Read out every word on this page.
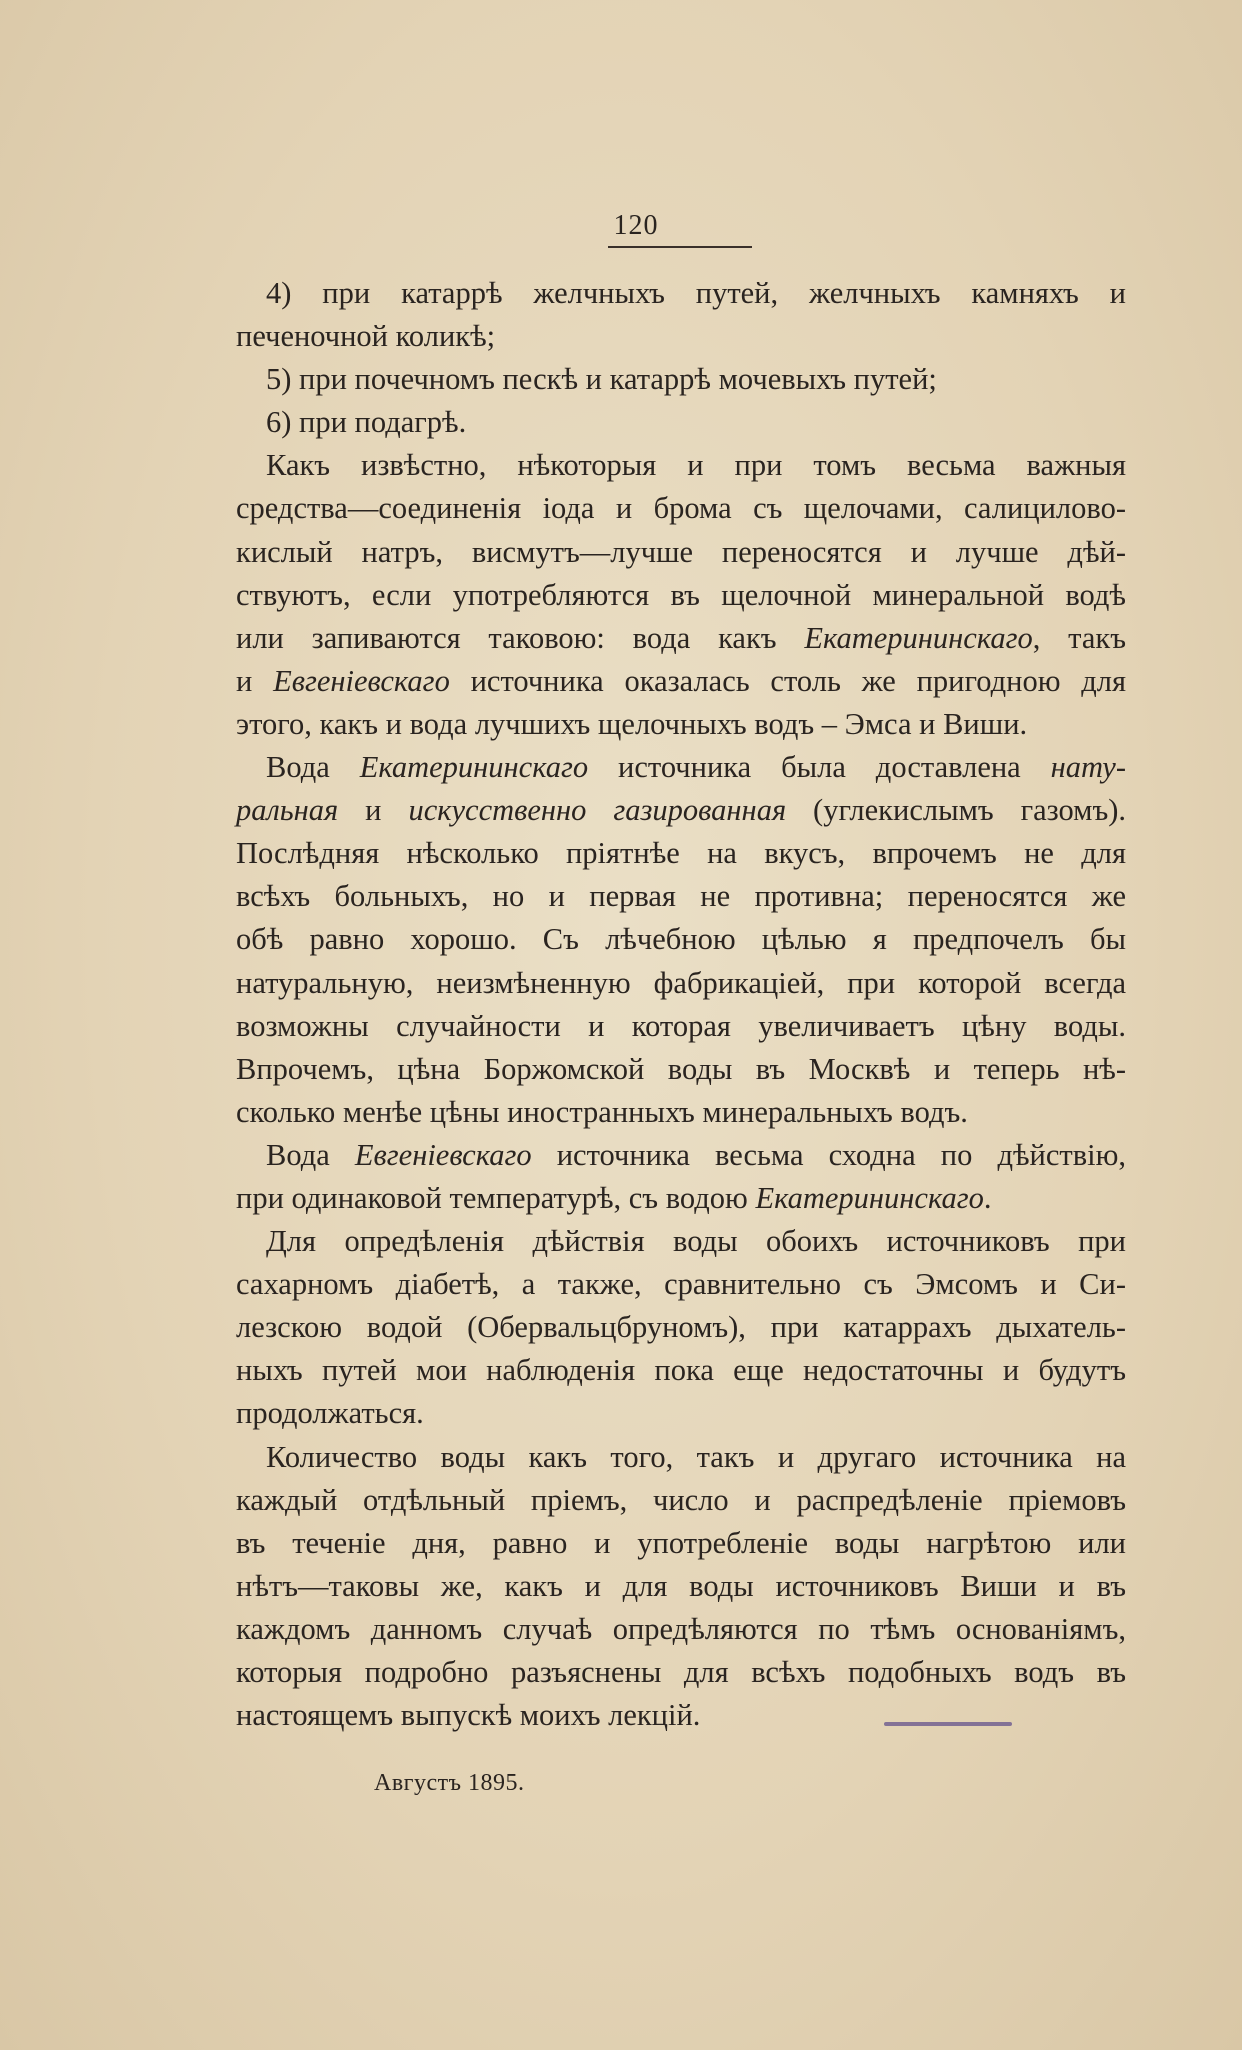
120
4) при катаррѣ желчныхъ путей, желчныхъ камняхъ и
печеночной коликѣ;
5) при почечномъ пескѣ и катаррѣ мочевыхъ путей;
6) при подагрѣ.
Какъ извѣстно, нѣкоторыя и при томъ весьма важныя
средства—соединенія іода и брома съ щелочами, салицилово-
кислый натръ, висмутъ—лучше переносятся и лучше дѣй-
ствуютъ, если употребляются въ щелочной минеральной водѣ
или запиваются таковою: вода какъ Екатерининскаго, такъ
и Евгеніевскаго источника оказалась столь же пригодною для
этого, какъ и вода лучшихъ щелочныхъ водъ – Эмса и Виши.
Вода Екатерининскаго источника была доставлена нату-
ральная и искусственно газированная (углекислымъ газомъ).
Послѣдняя нѣсколько пріятнѣе на вкусъ, впрочемъ не для
всѣхъ больныхъ, но и первая не противна; переносятся же
обѣ равно хорошо. Съ лѣчебною цѣлью я предпочелъ бы
натуральную, неизмѣненную фабрикаціей, при которой всегда
возможны случайности и которая увеличиваетъ цѣну воды.
Впрочемъ, цѣна Боржомской воды въ Москвѣ и теперь нѣ-
сколько менѣе цѣны иностранныхъ минеральныхъ водъ.
Вода Евгеніевскаго источника весьма сходна по дѣйствію,
при одинаковой температурѣ, съ водою Екатерининскаго.
Для опредѣленія дѣйствія воды обоихъ источниковъ при
сахарномъ діабетѣ, а также, сравнительно съ Эмсомъ и Си-
лезскою водой (Обервальцбруномъ), при катаррахъ дыхатель-
ныхъ путей мои наблюденія пока еще недостаточны и будутъ
продолжаться.
Количество воды какъ того, такъ и другаго источника на
каждый отдѣльный пріемъ, число и распредѣленіе пріемовъ
въ теченіе дня, равно и употребленіе воды нагрѣтою или
нѣтъ—таковы же, какъ и для воды источниковъ Виши и въ
каждомъ данномъ случаѣ опредѣляются по тѣмъ основаніямъ,
которыя подробно разъяснены для всѣхъ подобныхъ водъ въ
настоящемъ выпускѣ моихъ лекцій.
Августъ 1895.
